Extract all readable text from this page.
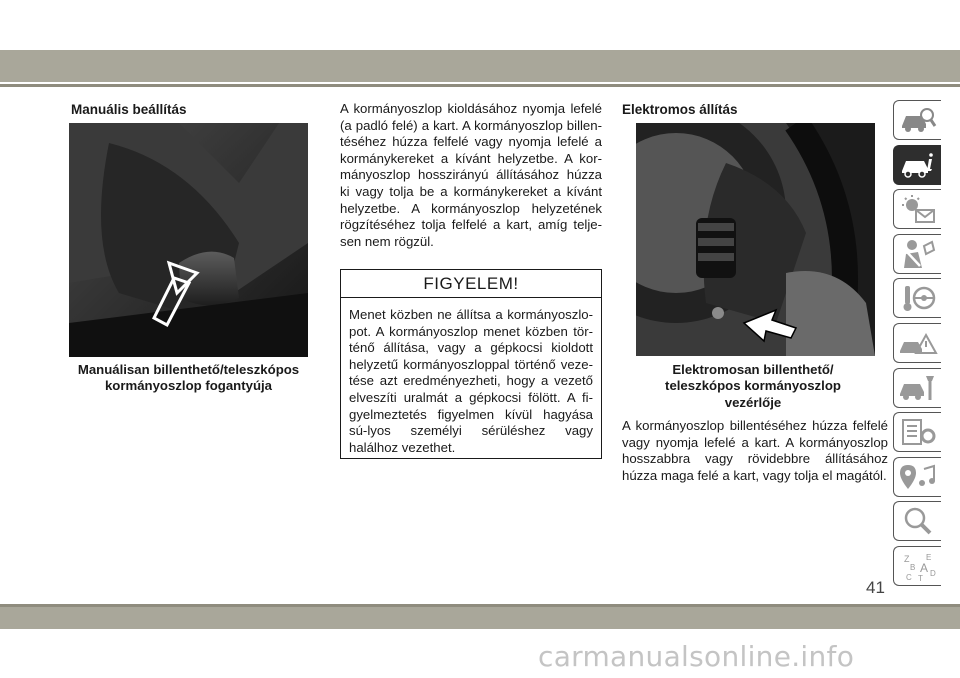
Manuális beállítás
Manuálisan billenthető/teleszkópos kormányoszlop fogantyúja
A kormányoszlop kioldásához nyomja lefelé (a padló felé) a kart. A kormányoszlop billen-téséhez húzza felfelé vagy nyomja lefelé a kormánykereket a kívánt helyzetbe. A kor-mányoszlop hosszirányú állításához húzza ki vagy tolja be a kormánykereket a kívánt helyzetbe. A kormányoszlop helyzetének rögzítéséhez tolja felfelé a kart, amíg telje-sen nem rögzül.
FIGYELEM!
Menet közben ne állítsa a kormányoszlo-pot. A kormányoszlop menet közben tör-ténő állítása, vagy a gépkocsi kioldott helyzetű kormányoszloppal történő veze-tése azt eredményezheti, hogy a vezető elveszíti uralmát a gépkocsi fölött. A fi-gyelmeztetés figyelmen kívül hagyása sú-lyos személyi sérüléshez vagy halálhoz vezethet.
Elektromos állítás
Elektromosan billenthető/
teleszkópos kormányoszlop
vezérlője
A kormányoszlop billentéséhez húzza felfelé vagy nyomja lefelé a kart. A kormányoszlop hosszabbra vagy rövidebbre állításához húzza maga felé a kart, vagy tolja el magától.
Z E
B A
C D
T
41
carmanualsonline.info
